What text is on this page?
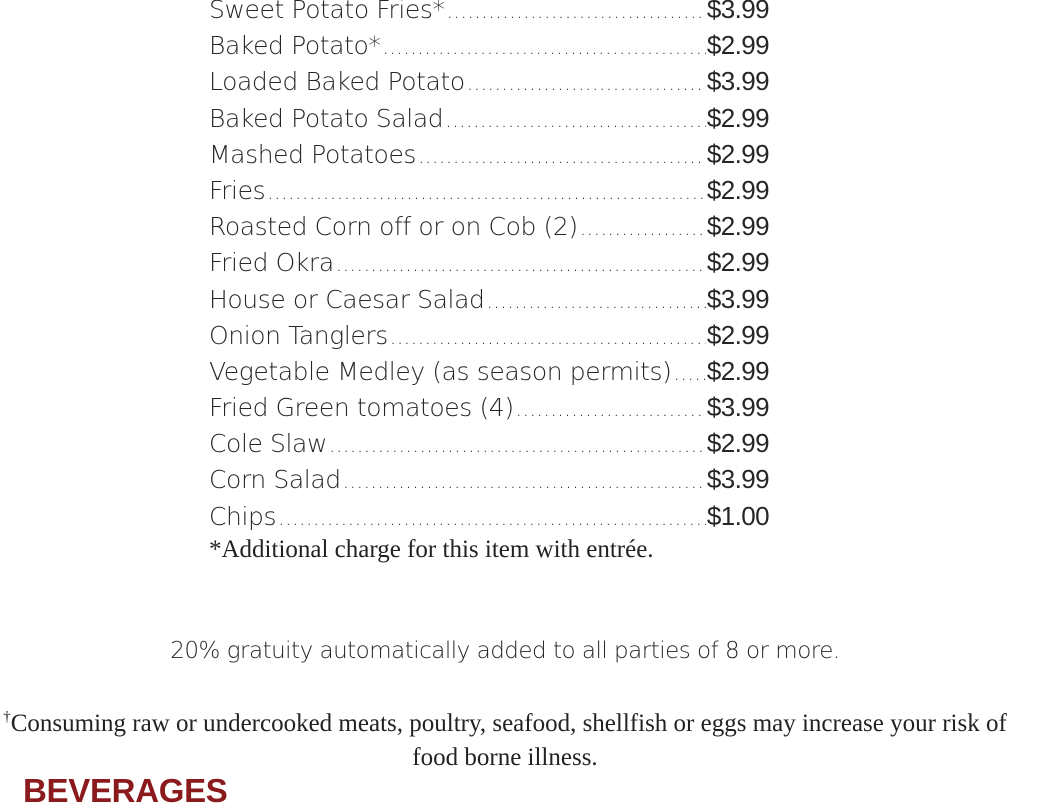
Sweet Potato Fries* .....	$3.99
Baked Potato* .....	$2.99
Loaded Baked Potato .....	$3.99
Baked Potato Salad .....	$2.99
Mashed Potatoes .....	$2.99
Fries .....	$2.99
Roasted Corn off or on Cob (2) .....	$2.99
Fried Okra .....	$2.99
House or Caesar Salad .....	$3.99
Onion Tanglers .....	$2.99
Vegetable Medley (as season permits) ..... $2.99
Fried Green tomatoes (4) .....	$3.99
Cole Slaw .....	$2.99
Corn Salad .....	$3.99
Chips .....	$1.00

*Additional charge for this item with entrée.

20% gratuity automatically added to all parties of 8 or more.

†Consuming raw or undercooked meats, poultry, seafood, shellfish or eggs may increase your risk of food borne illness.

BEVERAGES
